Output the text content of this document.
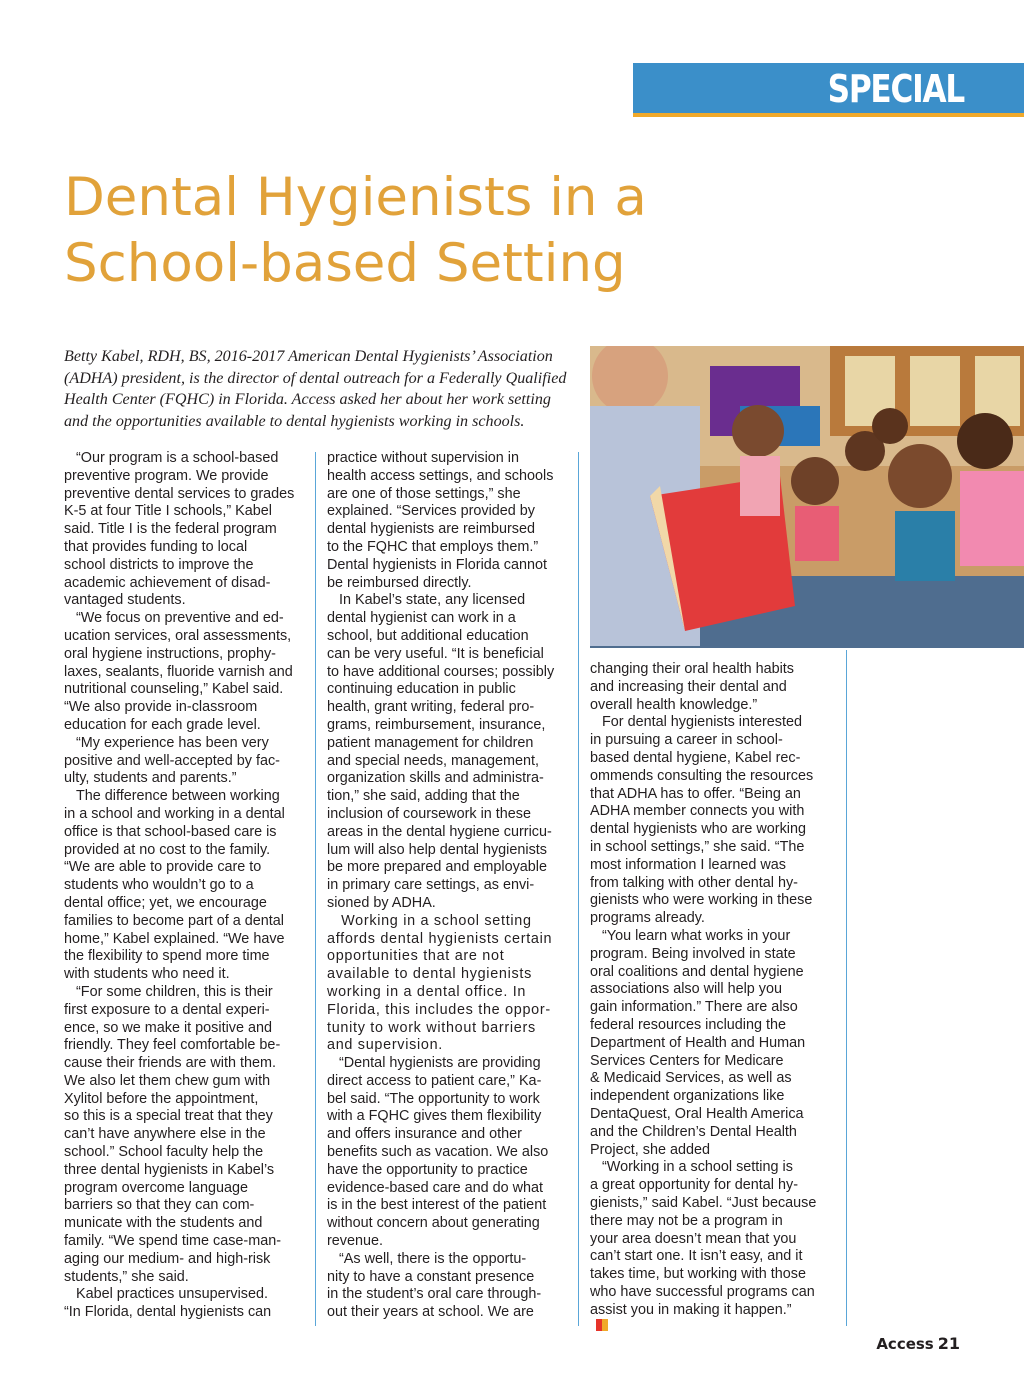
SPECIAL FEATURE
Dental Hygienists in a
School-based Setting
Betty Kabel, RDH, BS, 2016-2017 American Dental Hygienists’ Association
(ADHA) president, is the director of dental outreach for a Federally Qualified
Health Center (FQHC) in Florida. Access asked her about her work setting
and the opportunities available to dental hygienists working in schools.
“Our program is a school-based
preventive program. We provide
preventive dental services to grades
K-5 at four Title I schools,” Kabel
said. Title I is the federal program
that provides funding to local
school districts to improve the
academic achievement of disad-
vantaged students.
“We focus on preventive and ed-
ucation services, oral assessments,
oral hygiene instructions, prophy-
laxes, sealants, fluoride varnish and
nutritional counseling,” Kabel said.
“We also provide in-classroom
education for each grade level.
“My experience has been very
positive and well-accepted by fac-
ulty, students and parents.”
The difference between working
in a school and working in a dental
office is that school-based care is
provided at no cost to the family.
“We are able to provide care to
students who wouldn’t go to a
dental office; yet, we encourage
families to become part of a dental
home,” Kabel explained. “We have
the flexibility to spend more time
with students who need it.
“For some children, this is their
first exposure to a dental experi-
ence, so we make it positive and
friendly. They feel comfortable be-
cause their friends are with them.
We also let them chew gum with
Xylitol before the appointment,
so this is a special treat that they
can’t have anywhere else in the
school.” School faculty help the
three dental hygienists in Kabel’s
program overcome language
barriers so that they can com-
municate with the students and
family. “We spend time case-man-
aging our medium- and high-risk
students,” she said.
Kabel practices unsupervised.
“In Florida, dental hygienists can
practice without supervision in
health access settings, and schools
are one of those settings,” she
explained. “Services provided by
dental hygienists are reimbursed
to the FQHC that employs them.”
Dental hygienists in Florida cannot
be reimbursed directly.
In Kabel’s state, any licensed
dental hygienist can work in a
school, but additional education
can be very useful. “It is beneficial
to have additional courses; possibly
continuing education in public
health, grant writing, federal pro-
grams, reimbursement, insurance,
patient management for children
and special needs, management,
organization skills and administra-
tion,” she said, adding that the
inclusion of coursework in these
areas in the dental hygiene curricu-
lum will also help dental hygienists
be more prepared and employable
in primary care settings, as envi-
sioned by ADHA.
Working in a school setting
affords dental hygienists certain
opportunities that are not
available to dental hygienists
working in a dental office. In
Florida, this includes the oppor-
tunity to work without barriers
and supervision.
“Dental hygienists are providing
direct access to patient care,” Ka-
bel said. “The opportunity to work
with a FQHC gives them flexibility
and offers insurance and other
benefits such as vacation. We also
have the opportunity to practice
evidence-based care and do what
is in the best interest of the patient
without concern about generating
revenue.
“As well, there is the opportu-
nity to have a constant presence
in the student’s oral care through-
out their years at school. We are
changing their oral health habits
and increasing their dental and
overall health knowledge.”
For dental hygienists interested
in pursuing a career in school-
based dental hygiene, Kabel rec-
ommends consulting the resources
that ADHA has to offer. “Being an
ADHA member connects you with
dental hygienists who are working
in school settings,” she said. “The
most information I learned was
from talking with other dental hy-
gienists who were working in these
programs already.
“You learn what works in your
program. Being involved in state
oral coalitions and dental hygiene
associations also will help you
gain information.” There are also
federal resources including the
Department of Health and Human
Services Centers for Medicare
& Medicaid Services, as well as
independent organizations like
DentaQuest, Oral Health America
and the Children’s Dental Health
Project, she added
“Working in a school setting is
a great opportunity for dental hy-
gienists,” said Kabel. “Just because
there may not be a program in
your area doesn’t mean that you
can’t start one. It isn’t easy, and it
takes time, but working with those
who have successful programs can
assist you in making it happen.”
Access 21
